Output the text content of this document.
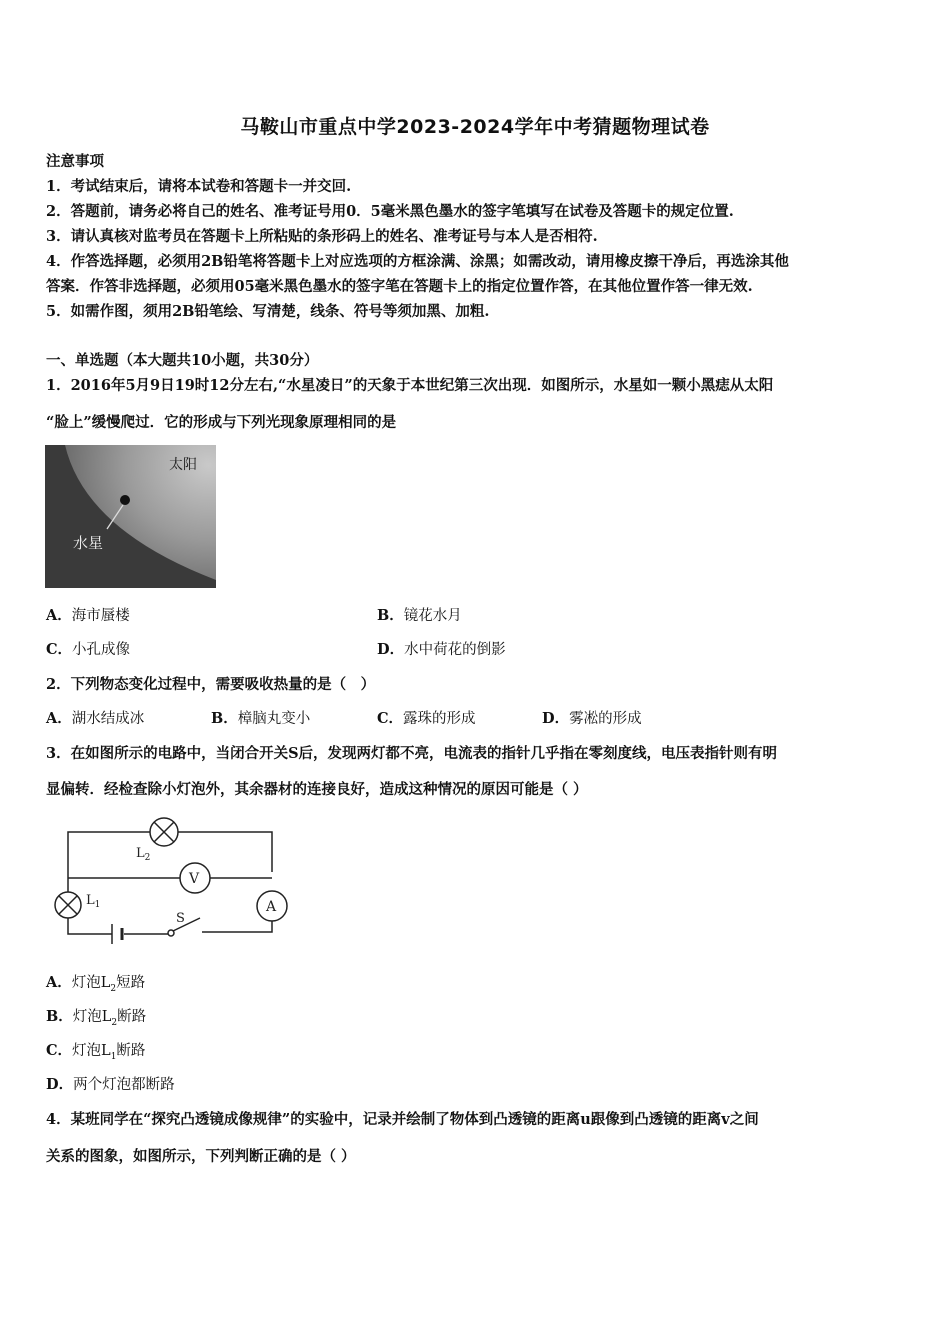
马鞍山市重点中学2023-2024学年中考猜题物理试卷
注意事项
1．考试结束后，请将本试卷和答题卡一并交回.
2．答题前，请务必将自己的姓名、准考证号用0．5毫米黑色墨水的签字笔填写在试卷及答题卡的规定位置.
3．请认真核对监考员在答题卡上所粘贴的条形码上的姓名、准考证号与本人是否相符.
4．作答选择题，必须用2B铅笔将答题卡上对应选项的方框涂满、涂黑；如需改动，请用橡皮擦干净后，再选涂其他
答案．作答非选择题，必须用05毫米黑色墨水的签字笔在答题卡上的指定位置作答，在其他位置作答一律无效.
5．如需作图，须用2B铅笔绘、写清楚，线条、符号等须加黑、加粗.
一、单选题（本大题共10小题，共30分）
1．2016年5月9日19时12分左右,“水星凌日”的天象于本世纪第三次出现．如图所示，水星如一颗小黑痣从太阳
“脸上”缓慢爬过．它的形成与下列光现象原理相同的是
太阳
水星
A．海市蜃楼	B．镜花水月
C．小孔成像	D．水中荷花的倒影
2．下列物态变化过程中，需要吸收热量的是（　）
A．湖水结成冰	B．樟脑丸变小	C．露珠的形成	D．雾凇的形成
3．在如图所示的电路中，当闭合开关S后，发现两灯都不亮，电流表的指针几乎指在零刻度线，电压表指针则有明
显偏转．经检查除小灯泡外，其余器材的连接良好，造成这种情况的原因可能是（ ）
$L_2$
V
$L_1$	A
S
A．灯泡$L_2$短路
B．灯泡$L_2$断路
C．灯泡$L_1$断路
D．两个灯泡都断路
4．某班同学在“探究凸透镜成像规律”的实验中，记录并绘制了物体到凸透镜的距离u跟像到凸透镜的距离v之间
关系的图象，如图所示，下列判断正确的是（ ）
